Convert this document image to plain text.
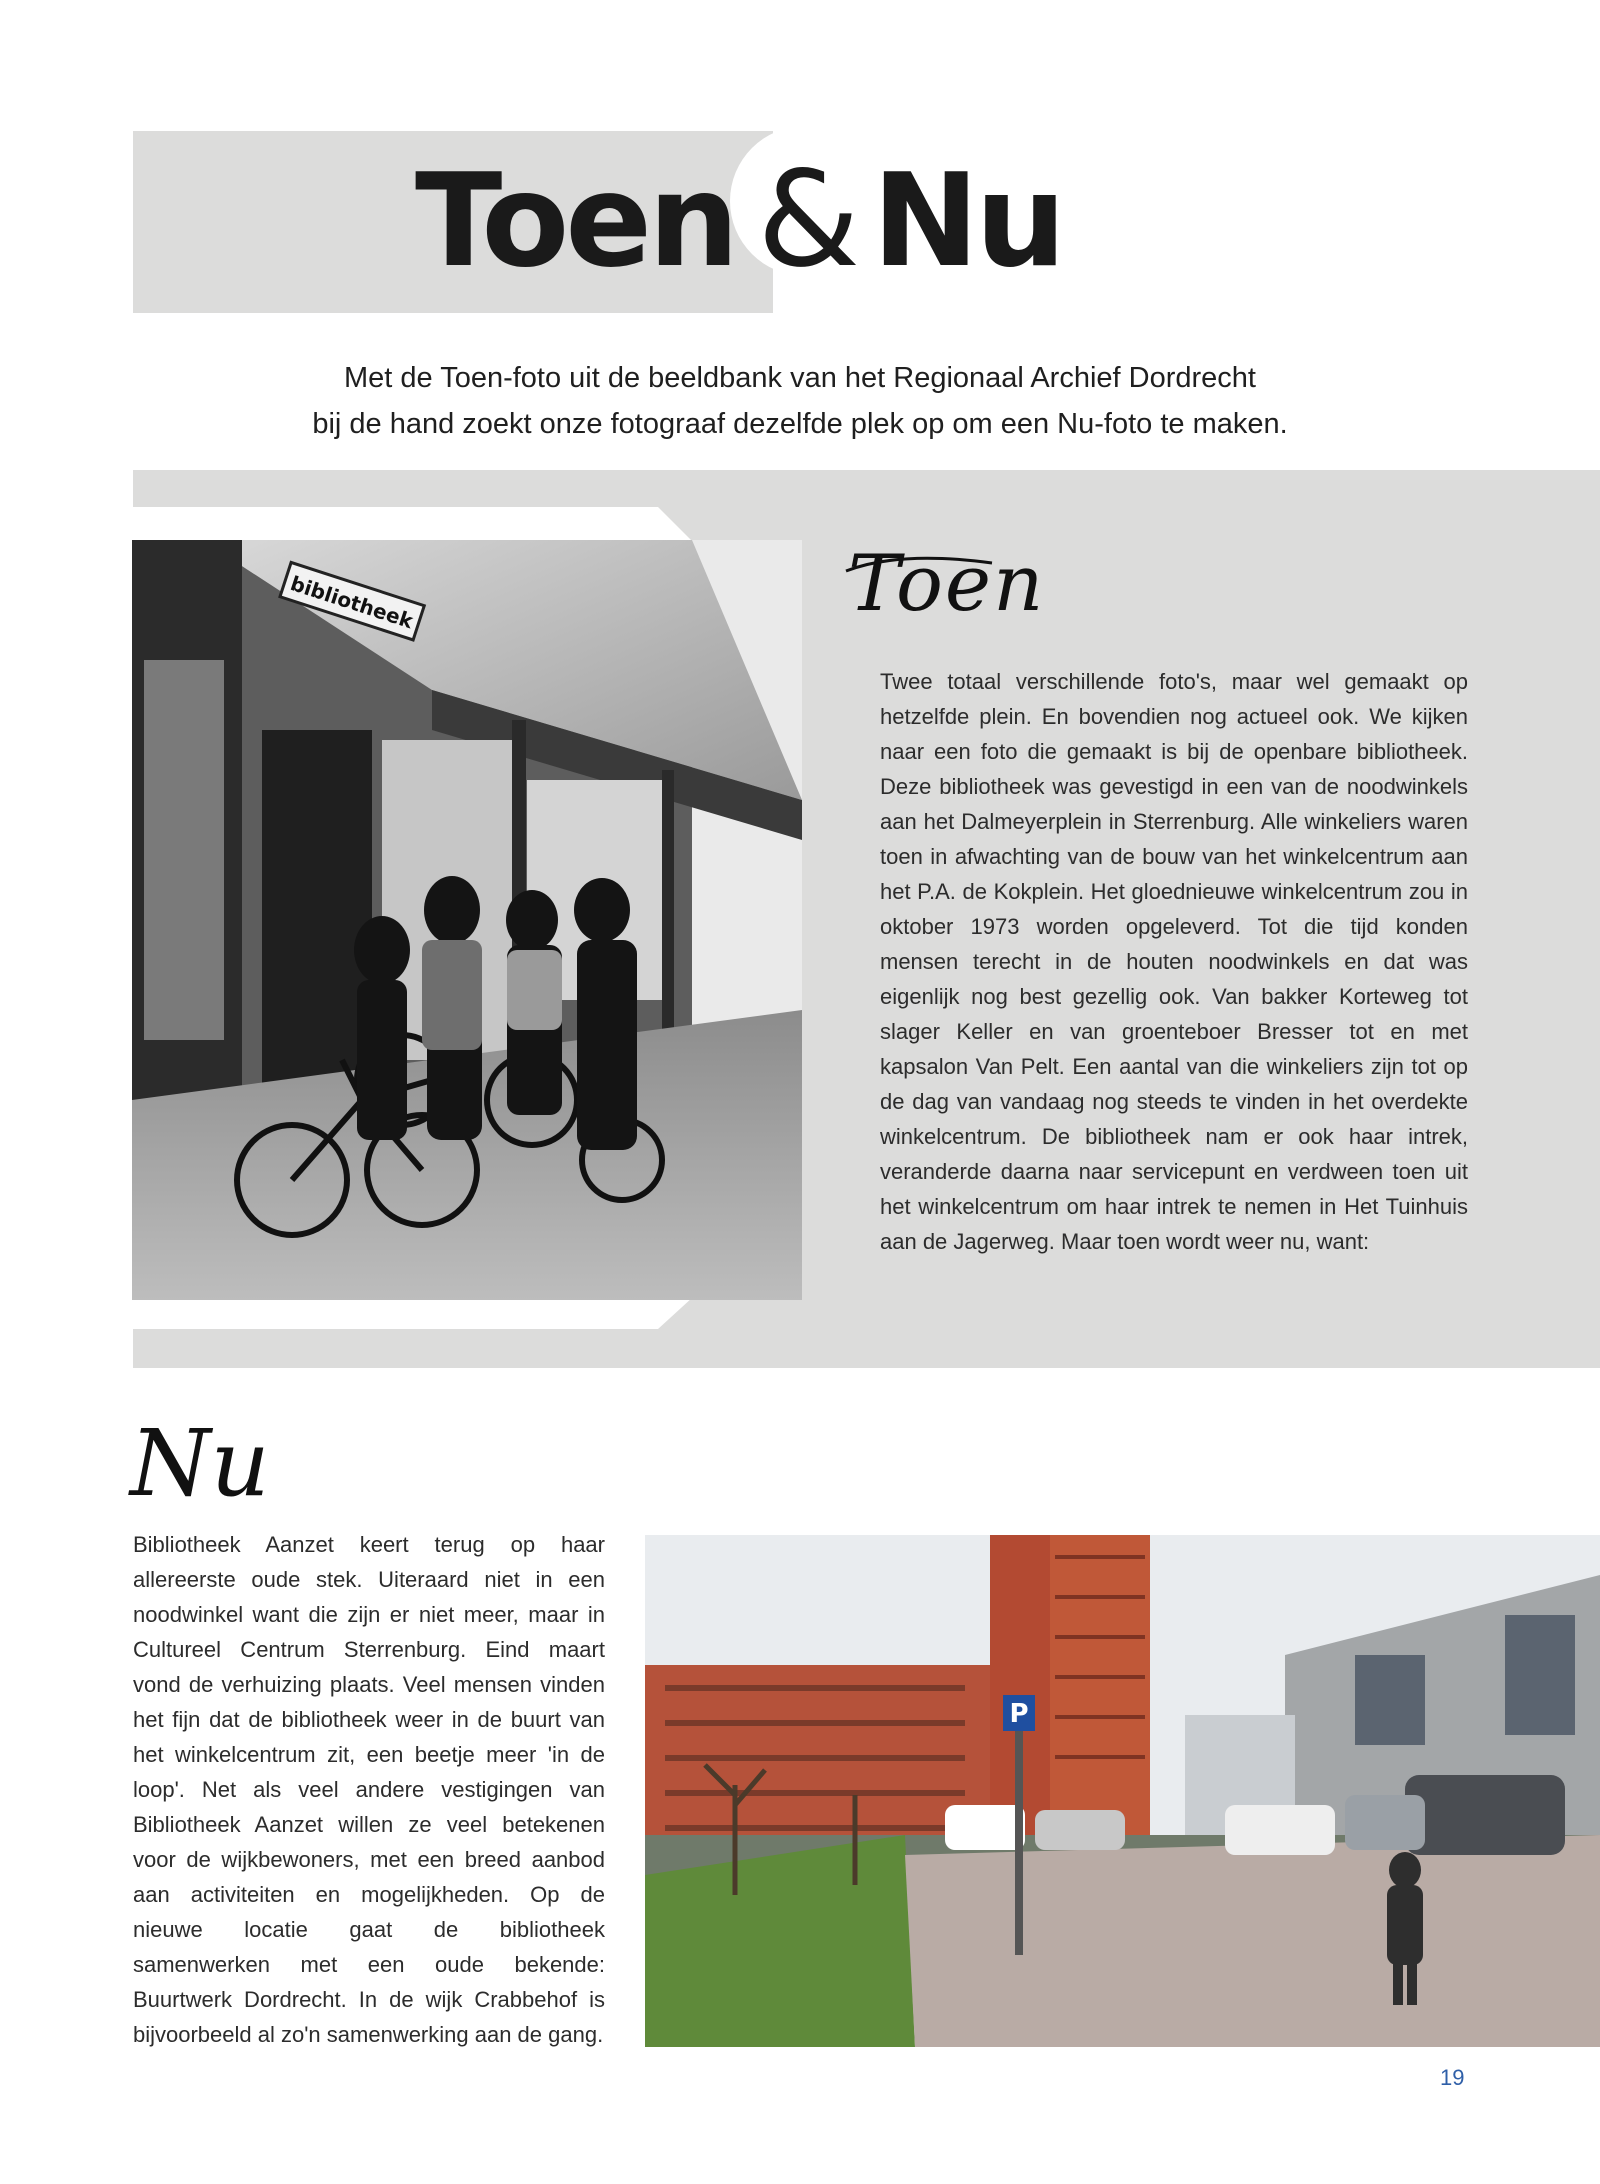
Toen & Nu
Met de Toen-foto uit de beeldbank van het Regionaal Archief Dordrecht
bij de hand zoekt onze fotograaf dezelfde plek op om een Nu-foto te maken.
bibliotheek	Toen
Twee totaal verschillende foto's, maar wel gemaakt op hetzelfde plein. En bovendien nog actueel ook. We kijken naar een foto die gemaakt is bij de openbare bibliotheek. Deze bibliotheek was gevestigd in een van de noodwinkels aan het Dalmeyerplein in Sterrenburg. Alle winkeliers waren toen in afwachting van de bouw van het winkelcentrum aan het P.A. de Kokplein. Het gloednieuwe winkelcentrum zou in oktober 1973 worden opgeleverd. Tot die tijd konden mensen terecht in de houten noodwinkels en dat was eigenlijk nog best gezellig ook. Van bakker Korteweg tot slager Keller en van groenteboer Bresser tot en met kapsalon Van Pelt. Een aantal van die winkeliers zijn tot op de dag van vandaag nog steeds te vinden in het overdekte winkelcentrum. De bibliotheek nam er ook haar intrek, veranderde daarna naar servicepunt en verdween toen uit het winkelcentrum om haar intrek te nemen in Het Tuinhuis aan de Jagerweg. Maar toen wordt weer nu, want:
Nu
Bibliotheek Aanzet keert terug op haar allereerste oude stek. Uiteraard niet in een noodwinkel want die zijn er niet meer, maar in Cultureel Centrum Sterrenburg. Eind maart vond de verhuizing plaats. Veel mensen vinden het fijn dat de bibliotheek weer in de buurt van het winkelcentrum zit, een beetje meer 'in de loop'. Net als veel andere vestigingen van Bibliotheek Aanzet willen ze veel betekenen voor de wijkbewoners, met een breed aanbod aan activiteiten en mogelijkheden. Op de nieuwe locatie gaat de bibliotheek samenwerken met een oude bekende: Buurtwerk Dordrecht. In de wijk Crabbehof is bijvoorbeeld al zo'n samenwerking aan de gang.
P
19
